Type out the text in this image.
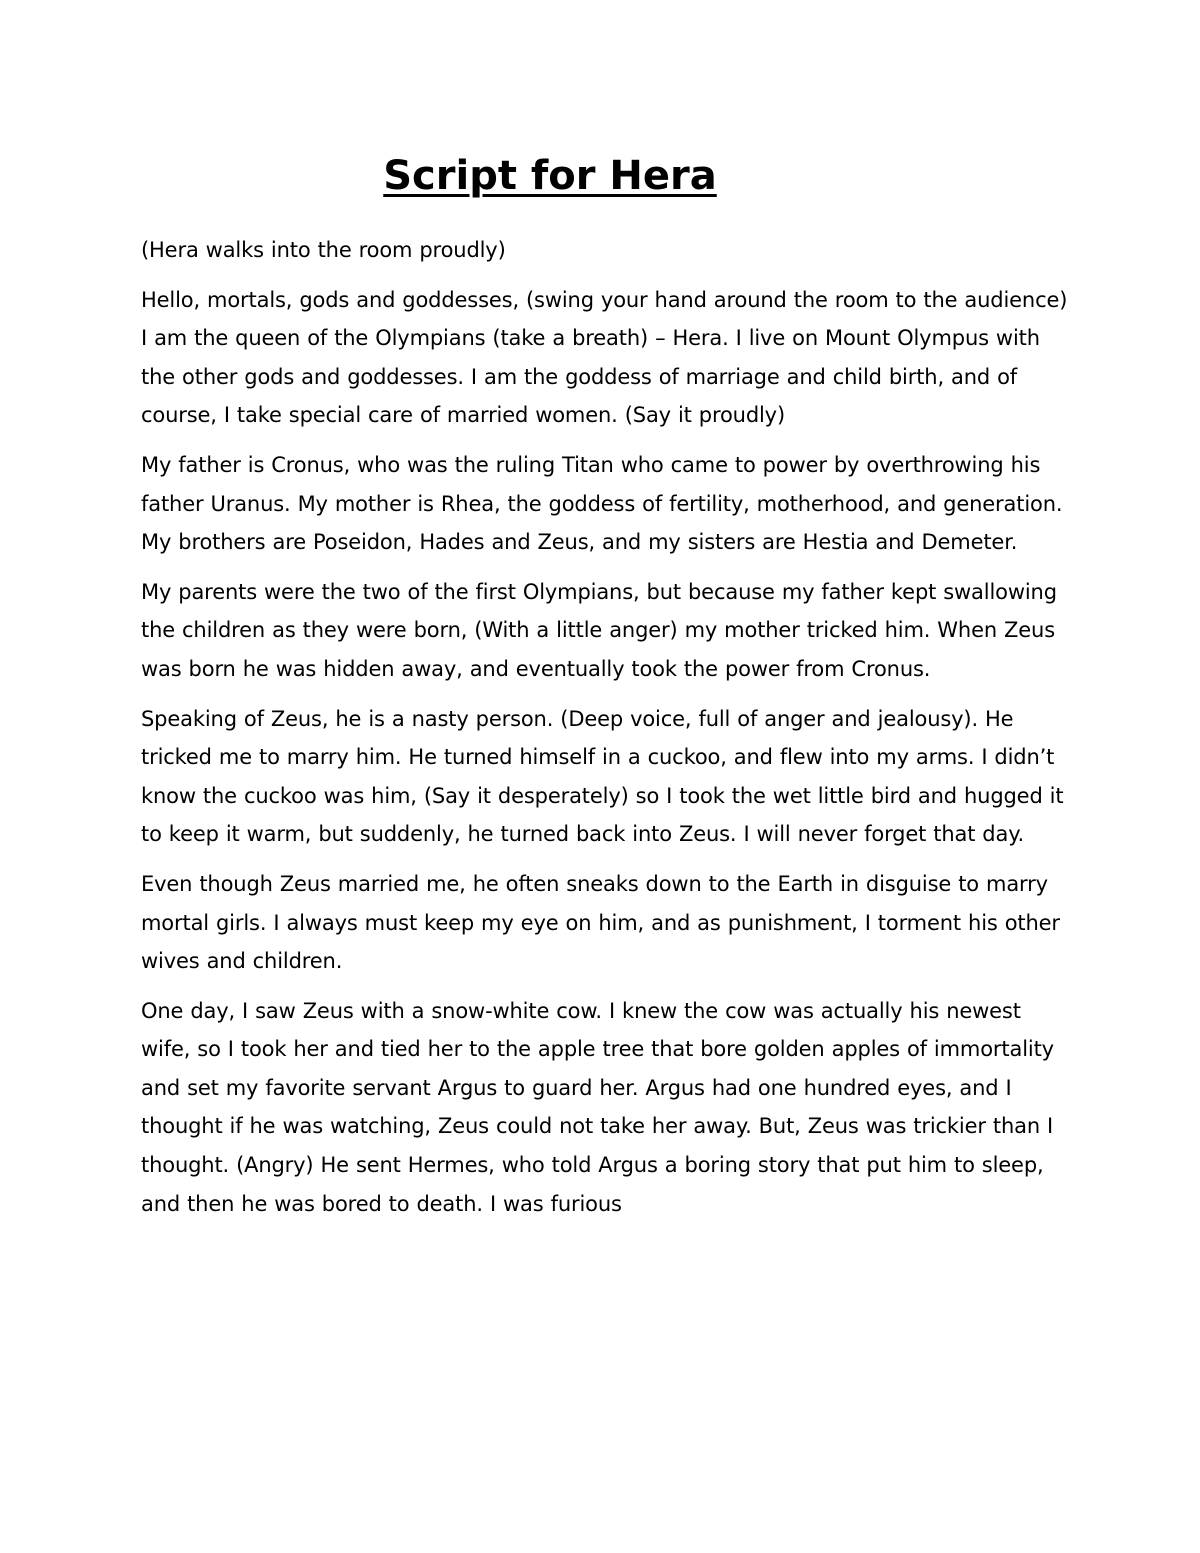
Script for Hera

(Hera walks into the room proudly)

Hello, mortals, gods and goddesses, (swing your hand around the room to the audience) I am the queen of the Olympians (take a breath) – Hera. I live on Mount Olympus with the other gods and goddesses. I am the goddess of marriage and child birth, and of course, I take special care of married women. (Say it proudly)

My father is Cronus, who was the ruling Titan who came to power by overthrowing his father Uranus. My mother is Rhea, the goddess of fertility, motherhood, and generation. My brothers are Poseidon, Hades and Zeus, and my sisters are Hestia and Demeter.

My parents were the two of the first Olympians, but because my father kept swallowing the children as they were born, (With a little anger) my mother tricked him. When Zeus was born he was hidden away, and eventually took the power from Cronus.

Speaking of Zeus, he is a nasty person. (Deep voice, full of anger and jealousy). He tricked me to marry him. He turned himself in a cuckoo, and flew into my arms. I didn’t know the cuckoo was him, (Say it desperately) so I took the wet little bird and hugged it to keep it warm, but suddenly, he turned back into Zeus. I will never forget that day.

Even though Zeus married me, he often sneaks down to the Earth in disguise to marry mortal girls. I always must keep my eye on him, and as punishment, I torment his other wives and children.

One day, I saw Zeus with a snow-white cow. I knew the cow was actually his newest wife, so I took her and tied her to the apple tree that bore golden apples of immortality and set my favorite servant Argus to guard her. Argus had one hundred eyes, and I thought if he was watching, Zeus could not take her away. But, Zeus was trickier than I thought. (Angry) He sent Hermes, who told Argus a boring story that put him to sleep, and then he was bored to death. I was furious
